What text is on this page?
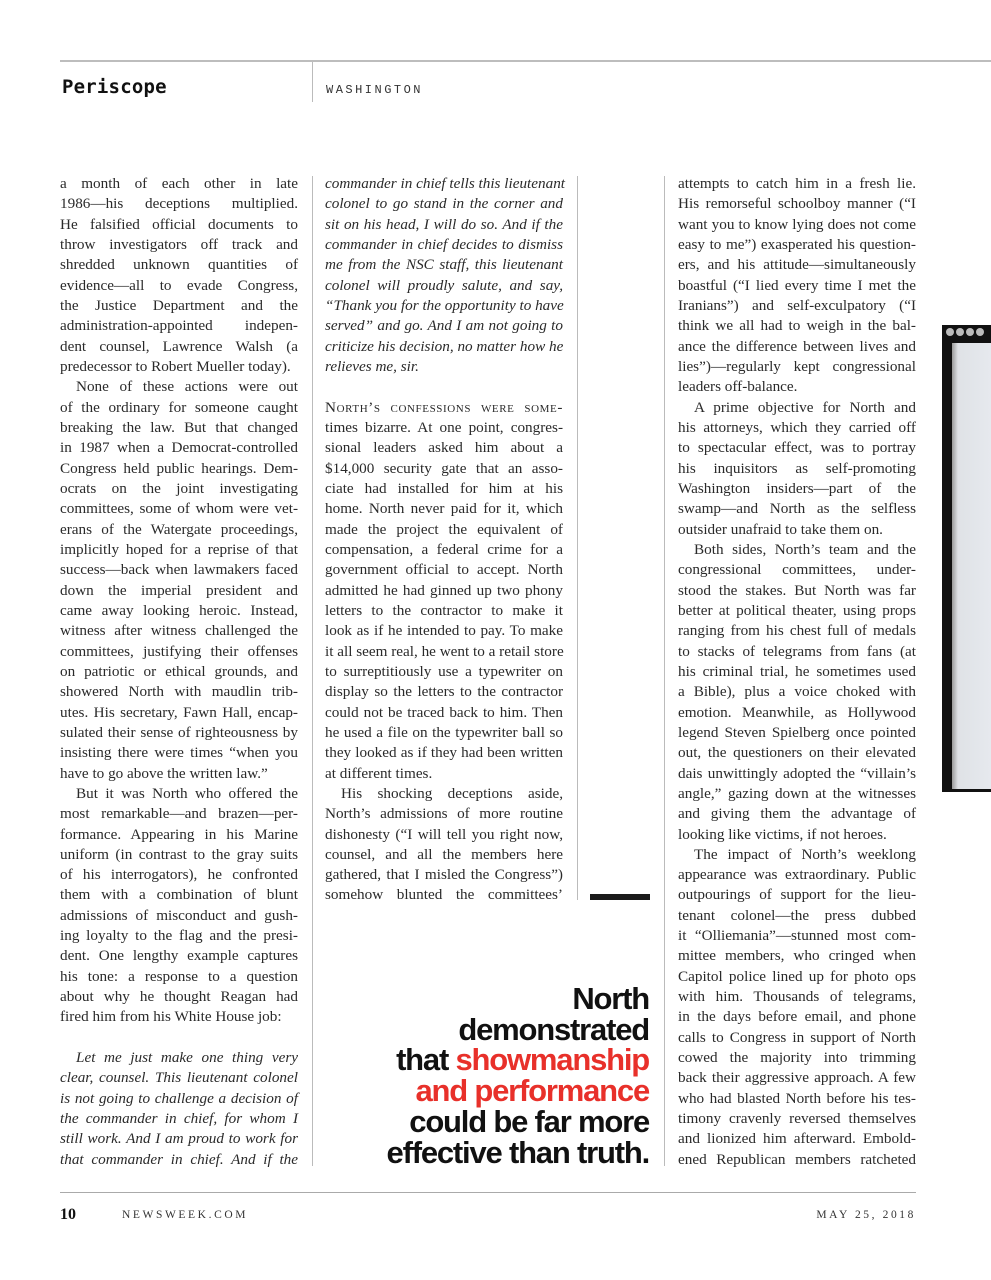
Periscope	WASHINGTON
a month of each other in late
1986—his deceptions multiplied.
He falsified official documents to
throw investigators off track and
shredded unknown quantities of
evidence—all to evade Congress,
the Justice Department and the
administration-appointed indepen-
dent counsel, Lawrence Walsh (a
predecessor to Robert Mueller today).
None of these actions were out
of the ordinary for someone caught
breaking the law. But that changed
in 1987 when a Democrat-controlled
Congress held public hearings. Dem-
ocrats on the joint investigating
committees, some of whom were vet-
erans of the Watergate proceedings,
implicitly hoped for a reprise of that
success—back when lawmakers faced
down the imperial president and
came away looking heroic. Instead,
witness after witness challenged the
committees, justifying their offenses
on patriotic or ethical grounds, and
showered North with maudlin trib-
utes. His secretary, Fawn Hall, encap-
sulated their sense of righteousness by
insisting there were times “when you
have to go above the written law.”
But it was North who offered the
most remarkable—and brazen—per-
formance. Appearing in his Marine
uniform (in contrast to the gray suits
of his interrogators), he confronted
them with a combination of blunt
admissions of misconduct and gush-
ing loyalty to the flag and the presi-
dent. One lengthy example captures
his tone: a response to a question
about why he thought Reagan had
fired him from his White House job:
Let me just make one thing very
clear, counsel. This lieutenant colonel
is not going to challenge a decision of
the commander in chief, for whom I
still work. And I am proud to work for
that commander in chief. And if the
commander in chief tells this lieutenant
colonel to go stand in the corner and
sit on his head, I will do so. And if the
commander in chief decides to dismiss
me from the NSC staff, this lieutenant
colonel will proudly salute, and say,
“Thank you for the opportunity to have
served” and go. And I am not going to
criticize his decision, no matter how he
relieves me, sir.
North’s confessions were some-
times bizarre. At one point, congres-
sional leaders asked him about a
$14,000 security gate that an asso-
ciate had installed for him at his
home. North never paid for it, which
made the project the equivalent of
compensation, a federal crime for a
government official to accept. North
admitted he had ginned up two phony
letters to the contractor to make it
look as if he intended to pay. To make
it all seem real, he went to a retail store
to surreptitiously use a typewriter on
display so the letters to the contractor
could not be traced back to him. Then
he used a file on the typewriter ball so
they looked as if they had been written
at different times.
His shocking deceptions aside,
North’s admissions of more routine
dishonesty (“I will tell you right now,
counsel, and all the members here
gathered, that I misled the Congress”)
somehow blunted the committees’
attempts to catch him in a fresh lie.
His remorseful schoolboy manner (“I
want you to know lying does not come
easy to me”) exasperated his question-
ers, and his attitude—simultaneously
boastful (“I lied every time I met the
Iranians”) and self-exculpatory (“I
think we all had to weigh in the bal-
ance the difference between lives and
lies”)—regularly kept congressional
leaders off-balance.
A prime objective for North and
his attorneys, which they carried off
to spectacular effect, was to portray
his inquisitors as self-promoting
Washington insiders—part of the
swamp—and North as the selfless
outsider unafraid to take them on.
Both sides, North’s team and the
congressional committees, under-
stood the stakes. But North was far
better at political theater, using props
ranging from his chest full of medals
to stacks of telegrams from fans (at
his criminal trial, he sometimes used
a Bible), plus a voice choked with
emotion. Meanwhile, as Hollywood
legend Steven Spielberg once pointed
out, the questioners on their elevated
dais unwittingly adopted the “villain’s
angle,” gazing down at the witnesses
and giving them the advantage of
looking like victims, if not heroes.
The impact of North’s weeklong
appearance was extraordinary. Public
outpourings of support for the lieu-
tenant colonel—the press dubbed
it “Olliemania”—stunned most com-
mittee members, who cringed when
Capitol police lined up for photo ops
with him. Thousands of telegrams,
in the days before email, and phone
calls to Congress in support of North
cowed the majority into trimming
back their aggressive approach. A few
who had blasted North before his tes-
timony cravenly reversed themselves
and lionized him afterward. Embold-
ened Republican members ratcheted
North
demonstrated
that showmanship
and performance
could be far more
effective than truth.
10	NEWSWEEK.COM	MAY 25, 2018
